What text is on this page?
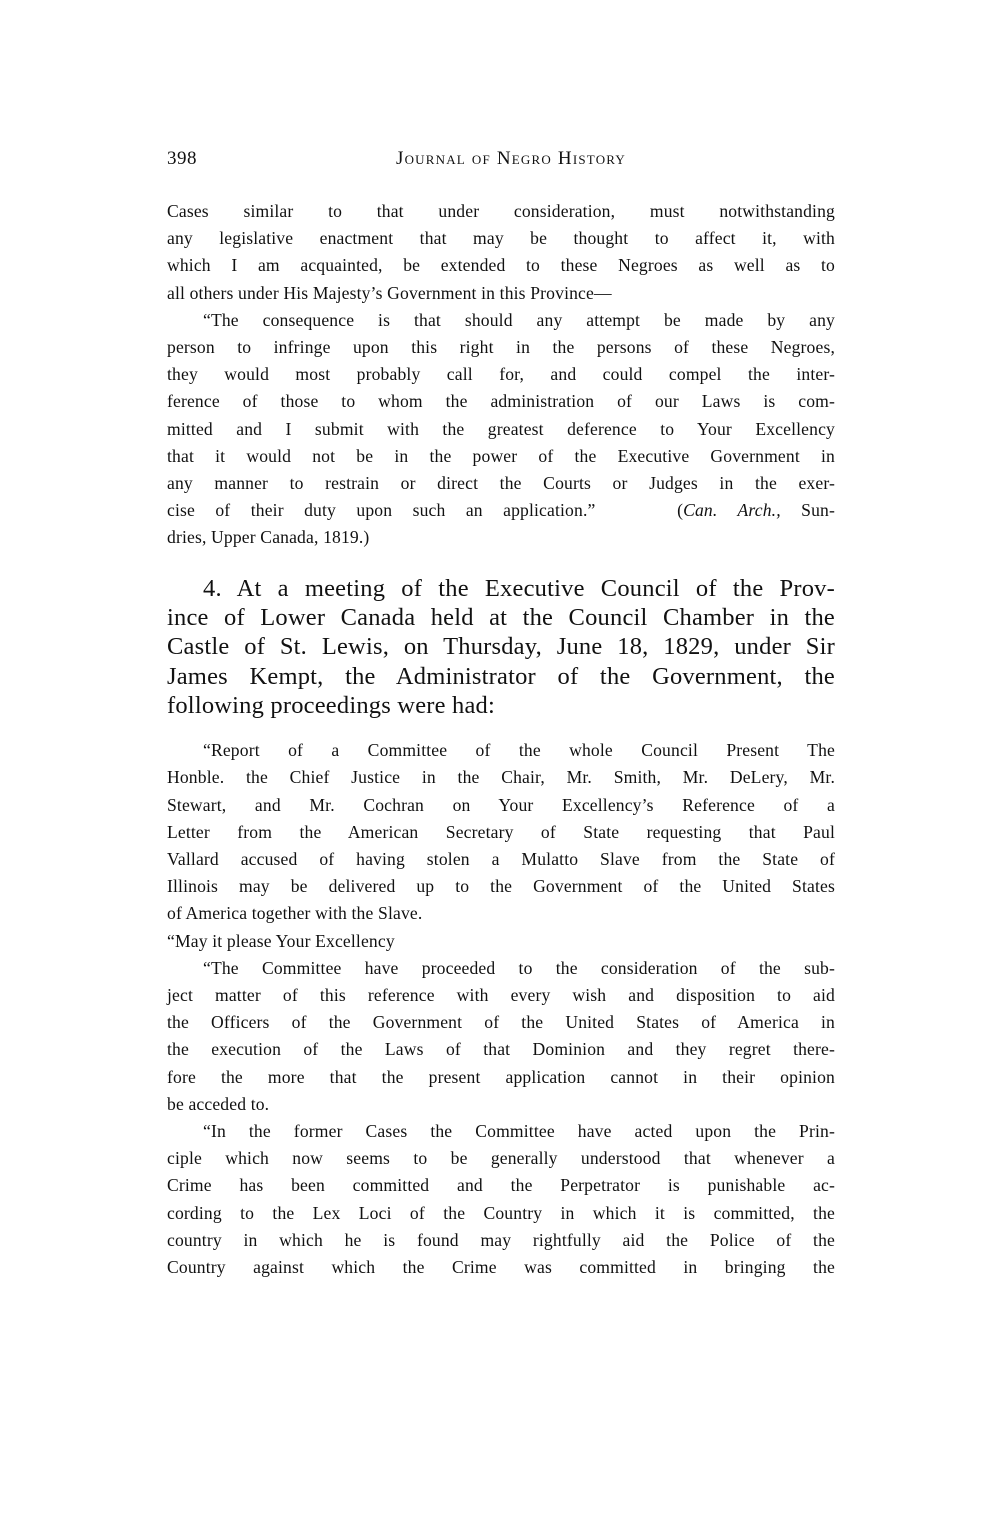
398	Journal of Negro History
Cases similar to that under consideration, must notwithstanding
any legislative enactment that may be thought to affect it, with
which I am acquainted, be extended to these Negroes as well as to
all others under His Majesty’s Government in this Province—
“The consequence is that should any attempt be made by any
person to infringe upon this right in the persons of these Negroes,
they would most probably call for, and could compel the inter-
ference of those to whom the administration of our Laws is com-
mitted and I submit with the greatest deference to Your Excellency
that it would not be in the power of the Executive Government in
any manner to restrain or direct the Courts or Judges in the exer-
cise of their duty upon such an application.”	(Can. Arch., Sun-
dries, Upper Canada, 1819.)
4. At a meeting of the Executive Council of the Prov-
ince of Lower Canada held at the Council Chamber in the
Castle of St. Lewis, on Thursday, June 18, 1829, under Sir
James Kempt, the Administrator of the Government, the
following proceedings were had:
“Report of a Committee of the whole Council Present The
Honble. the Chief Justice in the Chair, Mr. Smith, Mr. DeLery, Mr.
Stewart, and Mr. Cochran on Your Excellency’s Reference of a
Letter from the American Secretary of State requesting that Paul
Vallard accused of having stolen a Mulatto Slave from the State of
Illinois may be delivered up to the Government of the United States
of America together with the Slave.
“May it please Your Excellency
“The Committee have proceeded to the consideration of the sub-
ject matter of this reference with every wish and disposition to aid
the Officers of the Government of the United States of America in
the execution of the Laws of that Dominion and they regret there-
fore the more that the present application cannot in their opinion
be acceded to.
“In the former Cases the Committee have acted upon the Prin-
ciple which now seems to be generally understood that whenever a
Crime has been committed and the Perpetrator is punishable ac-
cording to the Lex Loci of the Country in which it is committed, the
country in which he is found may rightfully aid the Police of the
Country against which the Crime was committed in bringing the
